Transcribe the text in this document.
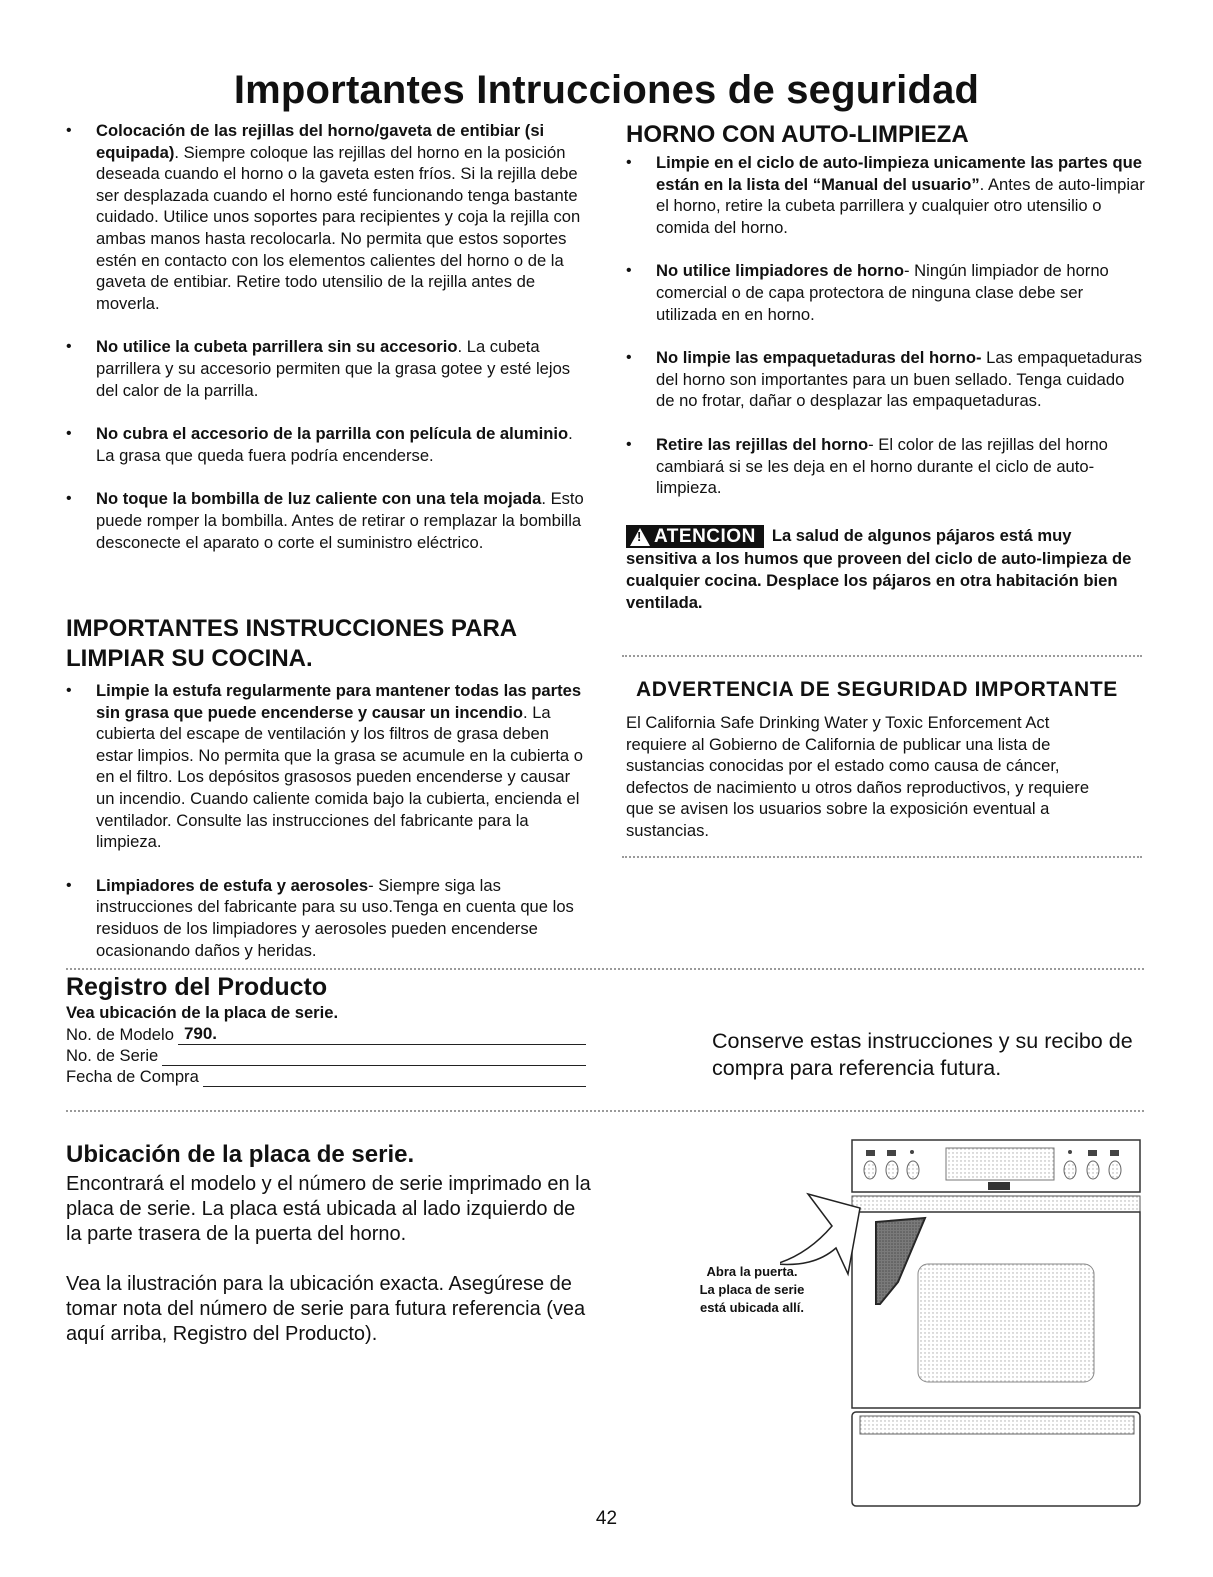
Importantes Intrucciones de seguridad
• Colocación de las rejillas del horno/gaveta de entibiar (si equipada). Siempre coloque las rejillas del horno en la posición deseada cuando el horno o la gaveta esten fríos. Si la rejilla debe ser desplazada cuando el horno esté funcionando tenga bastante cuidado. Utilice unos soportes para recipientes y coja la rejilla con ambas manos hasta recolocarla. No permita que estos soportes estén en contacto con los elementos calientes del horno o de la gaveta de entibiar. Retire todo utensilio de la rejilla antes de moverla.
• No utilice la cubeta parrillera sin su accesorio. La cubeta parrillera y su accesorio permiten que la grasa gotee y esté lejos del calor de la parrilla.
• No cubra el accesorio de la parrilla con película de aluminio. La grasa que queda fuera podría encenderse.
• No toque la bombilla de luz caliente con una tela mojada. Esto puede romper la bombilla. Antes de retirar o remplazar la bombilla desconecte el aparato o corte el suministro eléctrico.
IMPORTANTES INSTRUCCIONES PARA LIMPIAR SU COCINA.
• Limpie la estufa regularmente para mantener todas las partes sin grasa que puede encenderse y causar un incendio. La cubierta del escape de ventilación y los filtros de grasa deben estar limpios. No permita que la grasa se acumule en la cubierta o en el filtro. Los depósitos grasosos pueden encenderse y causar un incendio. Cuando caliente comida bajo la cubierta, encienda el ventilador. Consulte las instrucciones del fabricante para la limpieza.
• Limpiadores de estufa y aerosoles- Siempre siga las instrucciones del fabricante para su uso.Tenga en cuenta que los residuos de los limpiadores y aerosoles pueden encenderse ocasionando daños y heridas.
HORNO CON AUTO-LIMPIEZA
• Limpie en el ciclo de auto-limpieza unicamente las partes que están en la lista del “Manual del usuario”. Antes de auto-limpiar el horno, retire la cubeta parrillera y cualquier otro utensilio o comida del horno.
• No utilice limpiadores de horno- Ningún limpiador de horno comercial o de capa protectora de ninguna clase debe ser utilizada en en horno.
• No limpie las empaquetaduras del horno- Las empaquetaduras del horno son importantes para un buen sellado. Tenga cuidado de no frotar, dañar o desplazar las empaquetaduras.
• Retire las rejillas del horno- El color de las rejillas del horno cambiará si se les deja en el horno durante el ciclo de auto-limpieza.

! ATENCION La salud de algunos pájaros está muy sensitiva a los humos que proveen del ciclo de auto-limpieza de cualquier cocina. Desplace los pájaros en otra habitación bien ventilada.

ADVERTENCIA DE SEGURIDAD IMPORTANTE

El California Safe Drinking Water y Toxic Enforcement Act requiere al Gobierno de California de publicar una lista de sustancias conocidas por el estado como causa de cáncer, defectos de nacimiento u otros daños reproductivos, y requiere que se avisen los usuarios sobre la exposición eventual a sustancias.

Registro del Producto

Vea ubicación de la placa de serie.

No. de Modelo 790.
No. de Serie
Fecha de Compra

Conserve estas instrucciones y su recibo de compra para referencia futura.

Ubicación de la placa de serie.

Encontrará el modelo y el número de serie imprimado en la placa de serie. La placa está ubicada al lado izquierdo de la parte trasera de la puerta del horno.

Vea la ilustración para la ubicación exacta. Asegúrese de tomar nota del número de serie para futura referencia (vea aquí arriba, Registro del Producto).

Abra la puerta.
La placa de serie
está ubicada allí.

42
